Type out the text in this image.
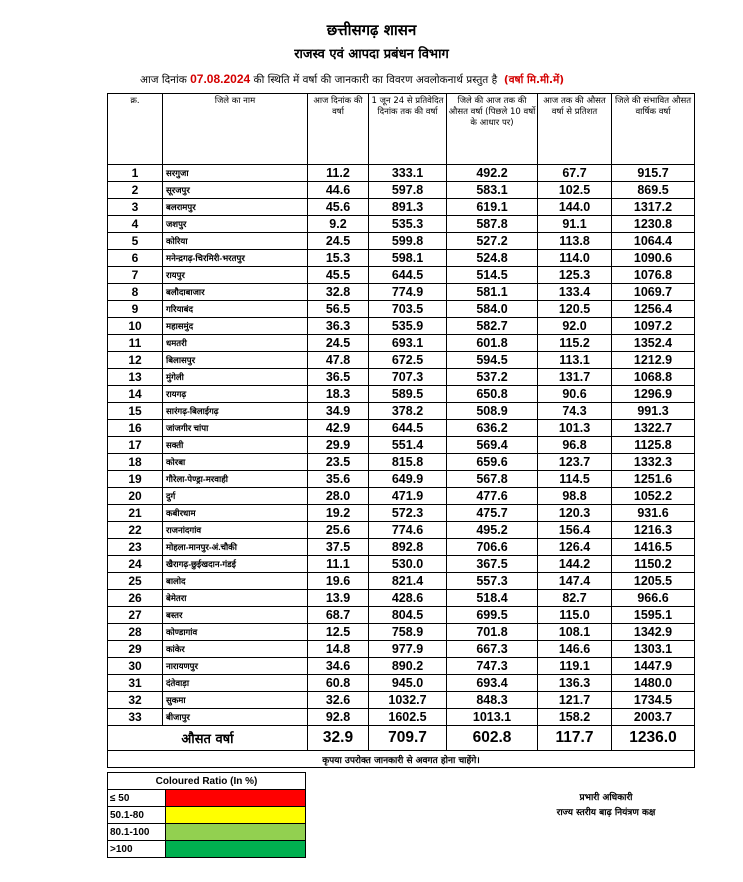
छत्तीसगढ़ शासन
राजस्व एवं आपदा प्रबंधन विभाग
आज दिनांक 07.08.2024 की स्थिति में वर्षा की जानकारी का विवरण अवलोकनार्थ प्रस्तुत है (वर्षा मि.मी.में)
क्र.	जिले का नाम	आज दिनांक की वर्षा	1 जून 24 से प्रतिवेदित दिनांक तक की वर्षा	जिले की आज तक की औसत वर्षा (पिछले 10 वर्षो के आधार पर)	आज तक की औसत वर्षा से प्रतिशत	जिले की संभावित औसत वार्षिक वर्षा
1	सरगुजा	11.2	333.1	492.2	67.7	915.7
2	सूरजपुर	44.6	597.8	583.1	102.5	869.5
3	बलरामपुर	45.6	891.3	619.1	144.0	1317.2
4	जशपुर	9.2	535.3	587.8	91.1	1230.8
5	कोरिया	24.5	599.8	527.2	113.8	1064.4
6	मनेन्द्रगढ़-चिरमिरी-भरतपुर	15.3	598.1	524.8	114.0	1090.6
7	रायपुर	45.5	644.5	514.5	125.3	1076.8
8	बलौदाबाजार	32.8	774.9	581.1	133.4	1069.7
9	गरियाबंद	56.5	703.5	584.0	120.5	1256.4
10	महासमुंद	36.3	535.9	582.7	92.0	1097.2
11	धमतरी	24.5	693.1	601.8	115.2	1352.4
12	बिलासपुर	47.8	672.5	594.5	113.1	1212.9
13	मुंगेली	36.5	707.3	537.2	131.7	1068.8
14	रायगढ़	18.3	589.5	650.8	90.6	1296.9
15	सारंगढ़-बिलाईगढ़	34.9	378.2	508.9	74.3	991.3
16	जांजगीर चांपा	42.9	644.5	636.2	101.3	1322.7
17	सक्ती	29.9	551.4	569.4	96.8	1125.8
18	कोरबा	23.5	815.8	659.6	123.7	1332.3
19	गौरेला-पेण्ड्रा-मरवाही	35.6	649.9	567.8	114.5	1251.6
20	दुर्ग	28.0	471.9	477.6	98.8	1052.2
21	कबीरधाम	19.2	572.3	475.7	120.3	931.6
22	राजनांदगांव	25.6	774.6	495.2	156.4	1216.3
23	मोहला-मानपुर-अं.चौकी	37.5	892.8	706.6	126.4	1416.5
24	खैरागढ़-छुईखदान-गंडई	11.1	530.0	367.5	144.2	1150.2
25	बालोद	19.6	821.4	557.3	147.4	1205.5
26	बेमेतरा	13.9	428.6	518.4	82.7	966.6
27	बस्तर	68.7	804.5	699.5	115.0	1595.1
28	कोण्डागांव	12.5	758.9	701.8	108.1	1342.9
29	कांकेर	14.8	977.9	667.3	146.6	1303.1
30	नारायणपुर	34.6	890.2	747.3	119.1	1447.9
31	दंतेवाड़ा	60.8	945.0	693.4	136.3	1480.0
32	सुकमा	32.6	1032.7	848.3	121.7	1734.5
33	बीजापुर	92.8	1602.5	1013.1	158.2	2003.7
औसत वर्षा		32.9	709.7	602.8	117.7	1236.0
कृपया उपरोक्त जानकारी से अवगत होना चाहेंगे।						
Coloured Ratio (In %)	
≤ 50	
50.1-80	
80.1-100	
>100	
प्रभारी अधिकारी
राज्य स्तरीय बाढ़ नियंत्रण कक्ष
